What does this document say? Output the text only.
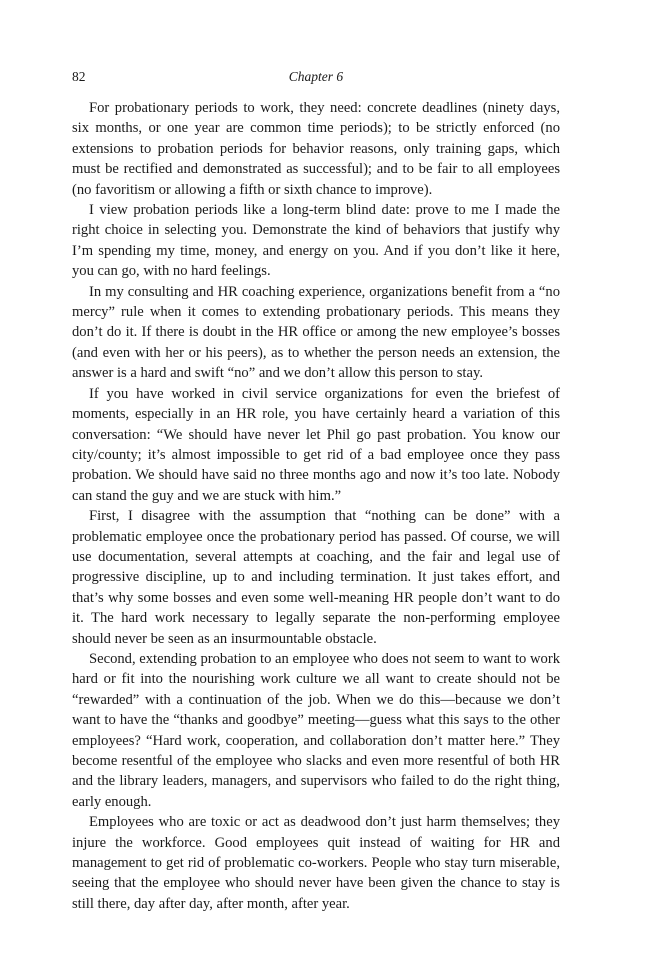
82	Chapter 6

For probationary periods to work, they need: concrete deadlines (ninety days, six months, or one year are common time periods); to be strictly enforced (no extensions to probation periods for behavior reasons, only training gaps, which must be rectified and demonstrated as successful); and to be fair to all employees (no favoritism or allowing a fifth or sixth chance to improve).

I view probation periods like a long-term blind date: prove to me I made the right choice in selecting you. Demonstrate the kind of behaviors that justify why I’m spending my time, money, and energy on you. And if you don’t like it here, you can go, with no hard feelings.

In my consulting and HR coaching experience, organizations benefit from a “no mercy” rule when it comes to extending probationary periods. This means they don’t do it. If there is doubt in the HR office or among the new employee’s bosses (and even with her or his peers), as to whether the person needs an extension, the answer is a hard and swift “no” and we don’t allow this person to stay.

If you have worked in civil service organizations for even the briefest of moments, especially in an HR role, you have certainly heard a variation of this conversation: “We should have never let Phil go past probation. You know our city/county; it’s almost impossible to get rid of a bad employee once they pass probation. We should have said no three months ago and now it’s too late. Nobody can stand the guy and we are stuck with him.”

First, I disagree with the assumption that “nothing can be done” with a problematic employee once the probationary period has passed. Of course, we will use documentation, several attempts at coaching, and the fair and legal use of progressive discipline, up to and including termination. It just takes effort, and that’s why some bosses and even some well-meaning HR people don’t want to do it. The hard work necessary to legally separate the non-performing employee should never be seen as an insurmountable obstacle.

Second, extending probation to an employee who does not seem to want to work hard or fit into the nourishing work culture we all want to create should not be “rewarded” with a continuation of the job. When we do this—because we don’t want to have the “thanks and goodbye” meeting—guess what this says to the other employees? “Hard work, cooperation, and collaboration don’t matter here.” They become resentful of the employee who slacks and even more resentful of both HR and the library leaders, managers, and supervisors who failed to do the right thing, early enough.

Employees who are toxic or act as deadwood don’t just harm themselves; they injure the workforce. Good employees quit instead of waiting for HR and management to get rid of problematic co-workers. People who stay turn miserable, seeing that the employee who should never have been given the chance to stay is still there, day after day, after month, after year.
